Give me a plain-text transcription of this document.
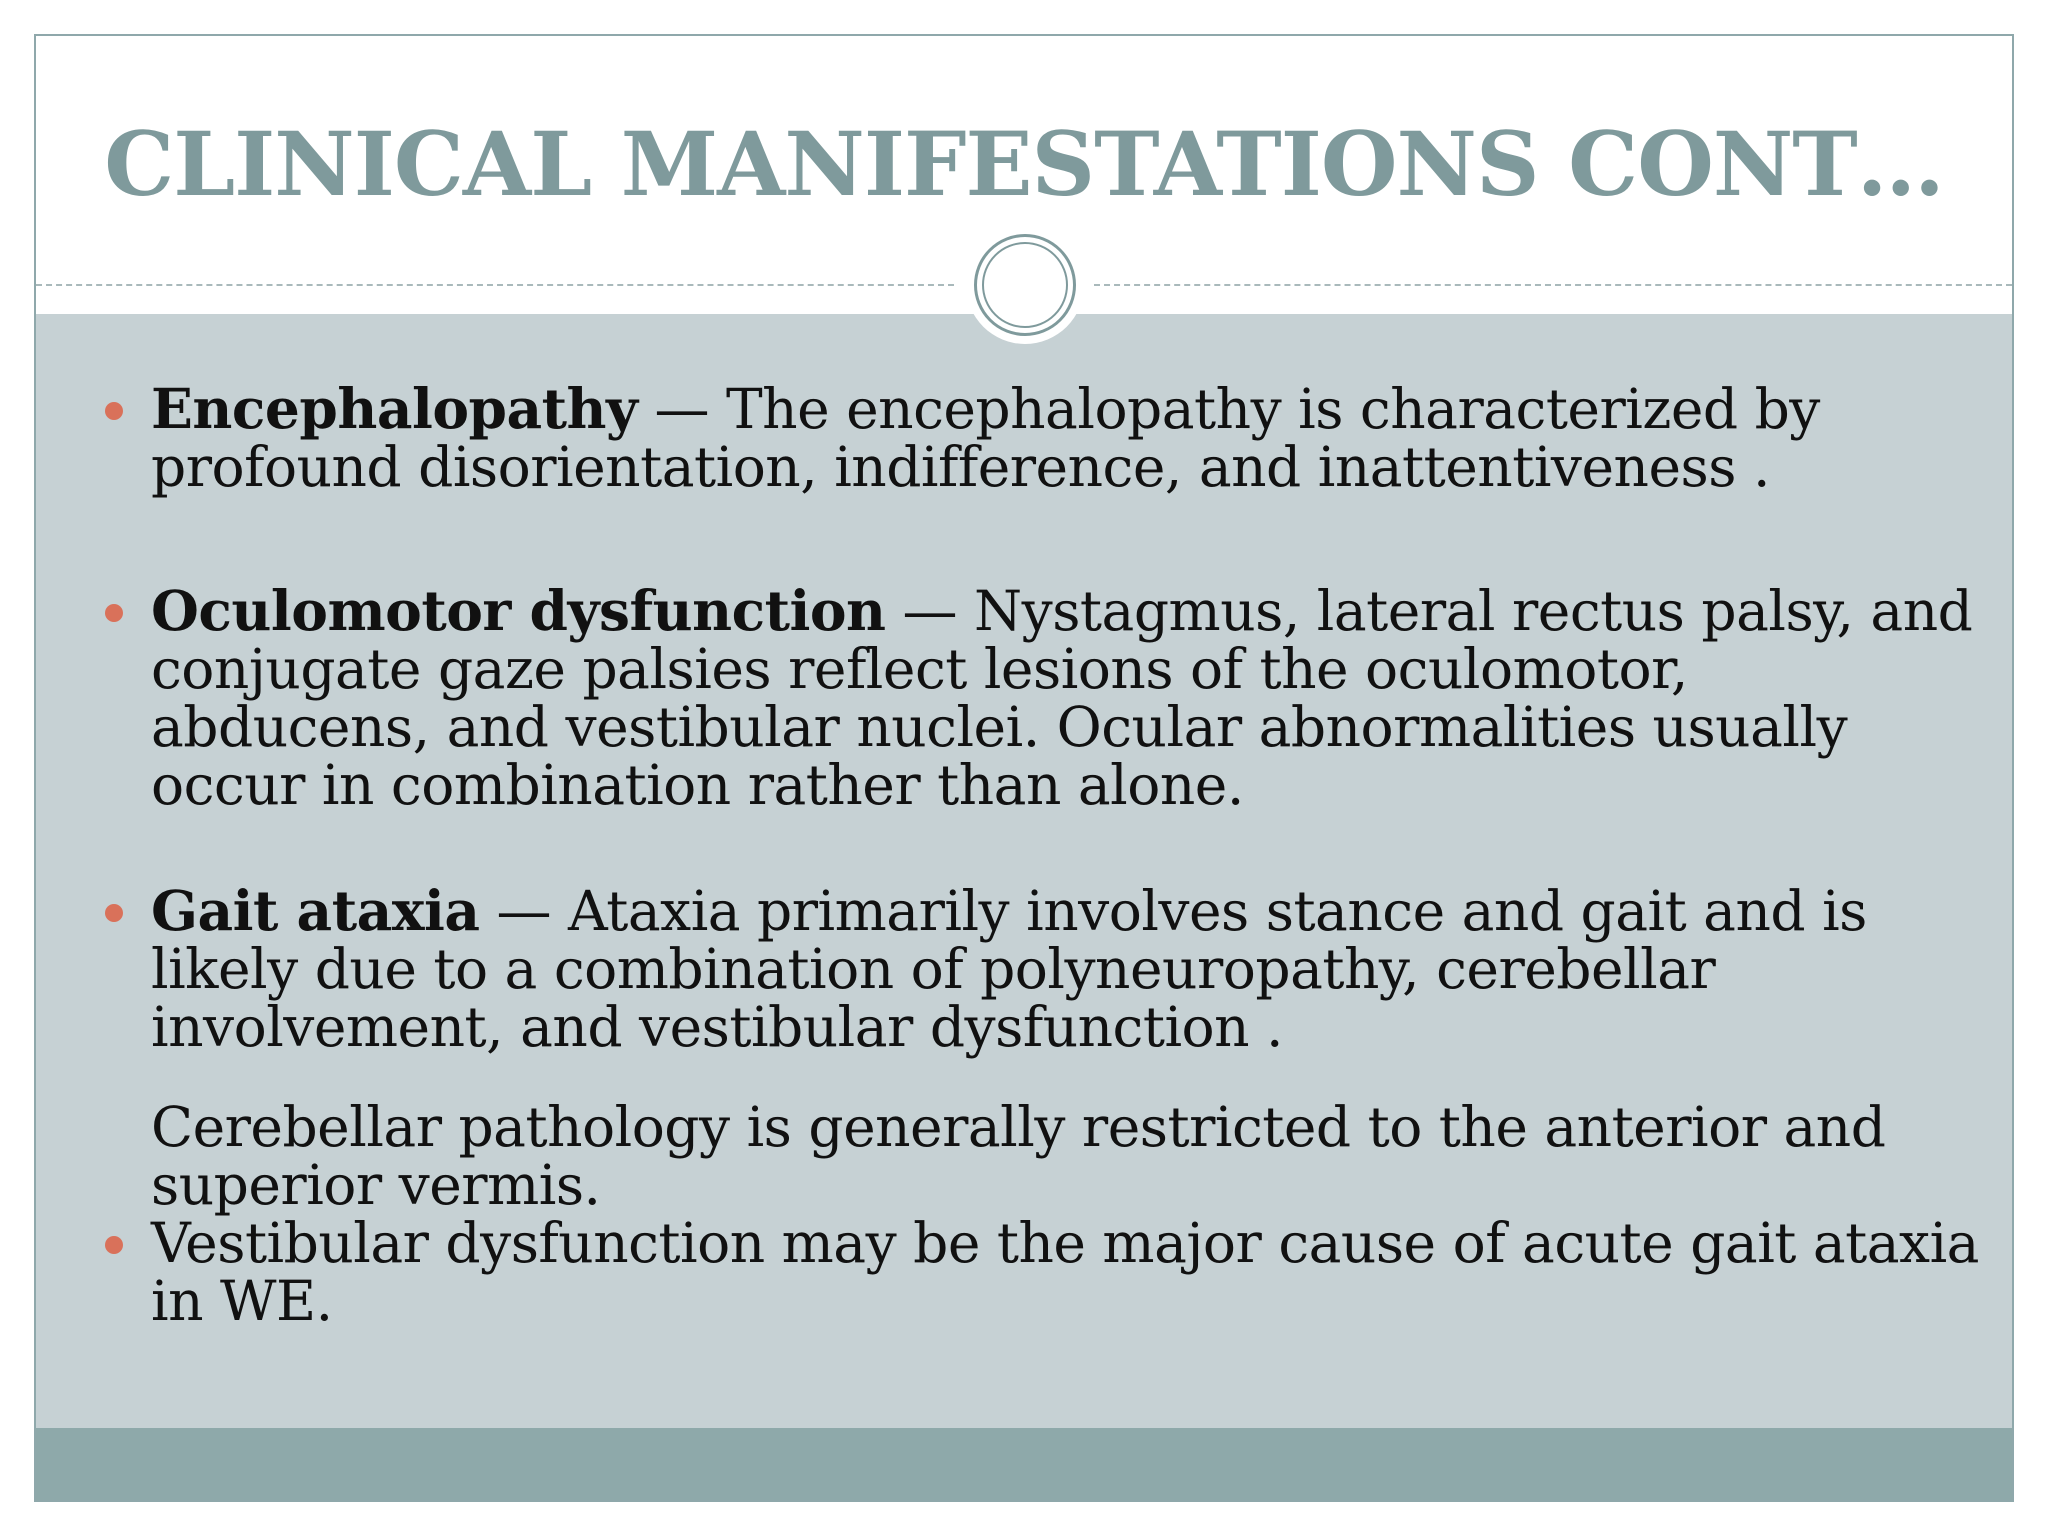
CLINICAL MANIFESTATIONS CONT…
Encephalopathy — The encephalopathy is characterized by profound disorientation, indifference, and inattentiveness .
Oculomotor dysfunction — Nystagmus, lateral rectus palsy, and conjugate gaze palsies reflect lesions of the oculomotor, abducens, and vestibular nuclei. Ocular abnormalities usually occur in combination rather than alone.
Gait ataxia — Ataxia primarily involves stance and gait and is likely due to a combination of polyneuropathy, cerebellar involvement, and vestibular dysfunction .
Cerebellar pathology is generally restricted to the anterior and superior vermis.
Vestibular dysfunction may be the major cause of acute gait ataxia in WE.
